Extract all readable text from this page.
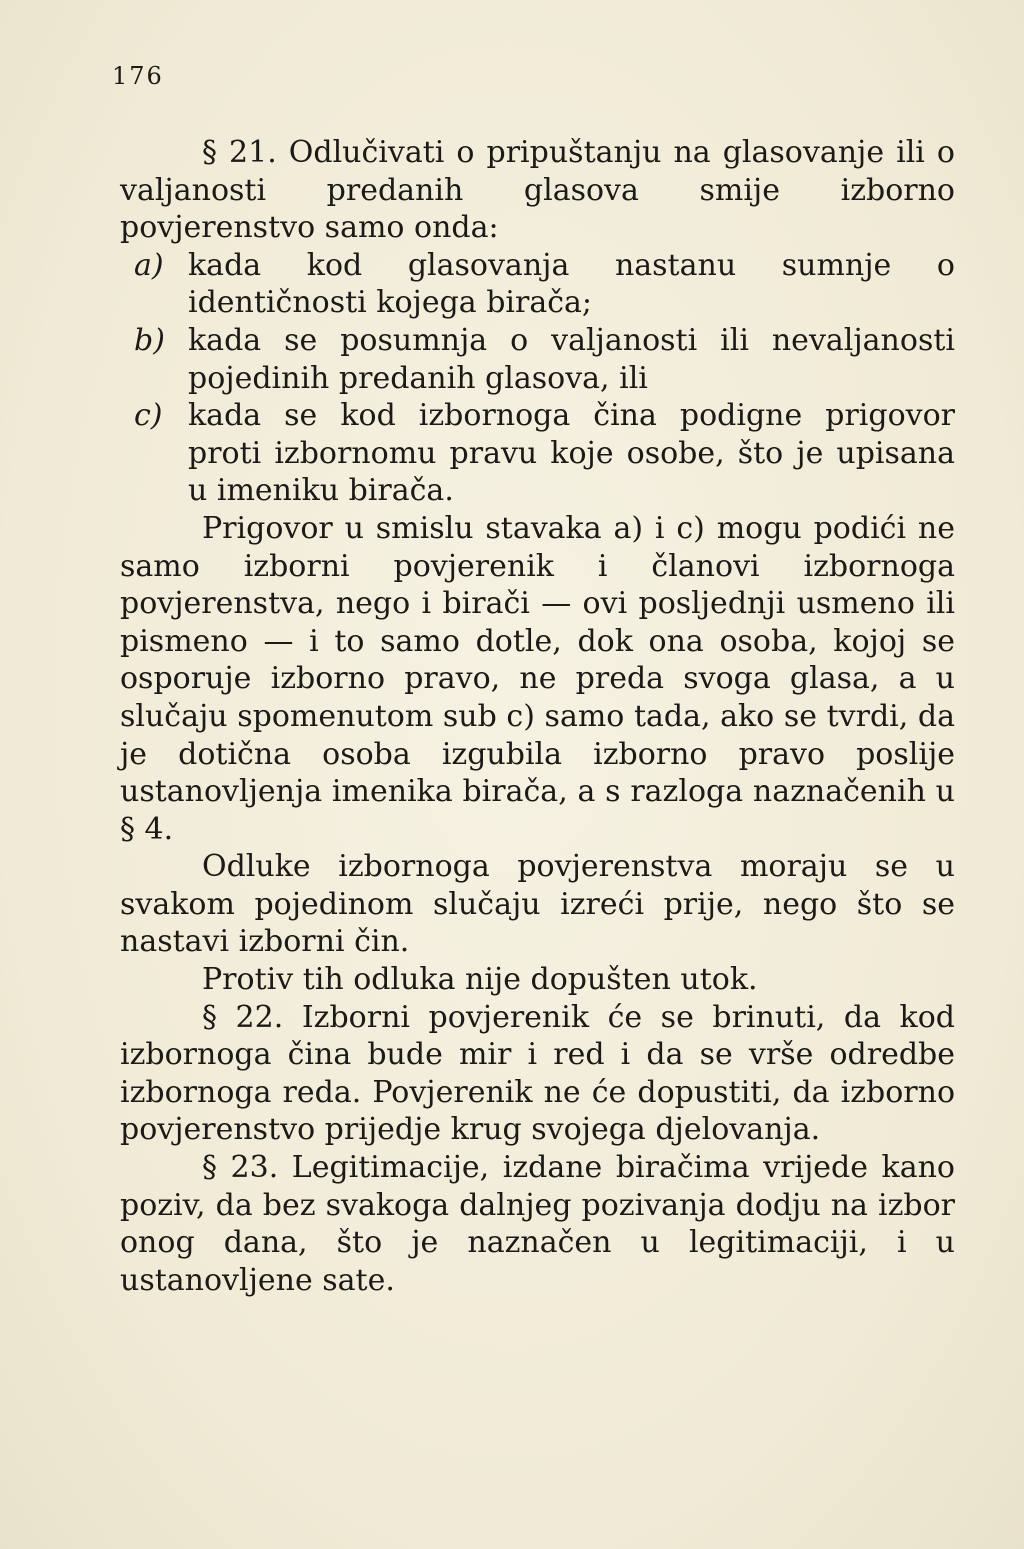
176

§ 21. Odlučivati o pripuštanju na glasovanje ili o valjanosti predanih glasova smije izborno povjerenstvo samo onda:

a) kada kod glasovanja nastanu sumnje o identičnosti kojega birača;
b) kada se posumnja o valjanosti ili nevaljanosti pojedinih predanih glasova, ili
c) kada se kod izbornoga čina podigne prigovor proti izbornomu pravu koje osobe, što je upisana u imeniku birača.

Prigovor u smislu stavaka a) i c) mogu podići ne samo izborni povjerenik i članovi izbornoga povjerenstva, nego i birači — ovi posljednji usmeno ili pismeno — i to samo dotle, dok ona osoba, kojoj se osporuje izborno pravo, ne preda svoga glasa, a u slučaju spomenutom sub c) samo tada, ako se tvrdi, da je dotična osoba izgubila izborno pravo poslije ustanovljenja imenika birača, a s razloga naznačenih u § 4.

Odluke izbornoga povjerenstva moraju se u svakom pojedinom slučaju izreći prije, nego što se nastavi izborni čin.

Protiv tih odluka nije dopušten utok.

§ 22. Izborni povjerenik će se brinuti, da kod izbornoga čina bude mir i red i da se vrše odredbe izbornoga reda. Povjerenik ne će dopustiti, da izborno povjerenstvo prijedje krug svojega djelovanja.

§ 23. Legitimacije, izdane biračima vrijede kano poziv, da bez svakoga dalnjeg pozivanja dodju na izbor onog dana, što je naznačen u legitimaciji, i u ustanovljene sate.
